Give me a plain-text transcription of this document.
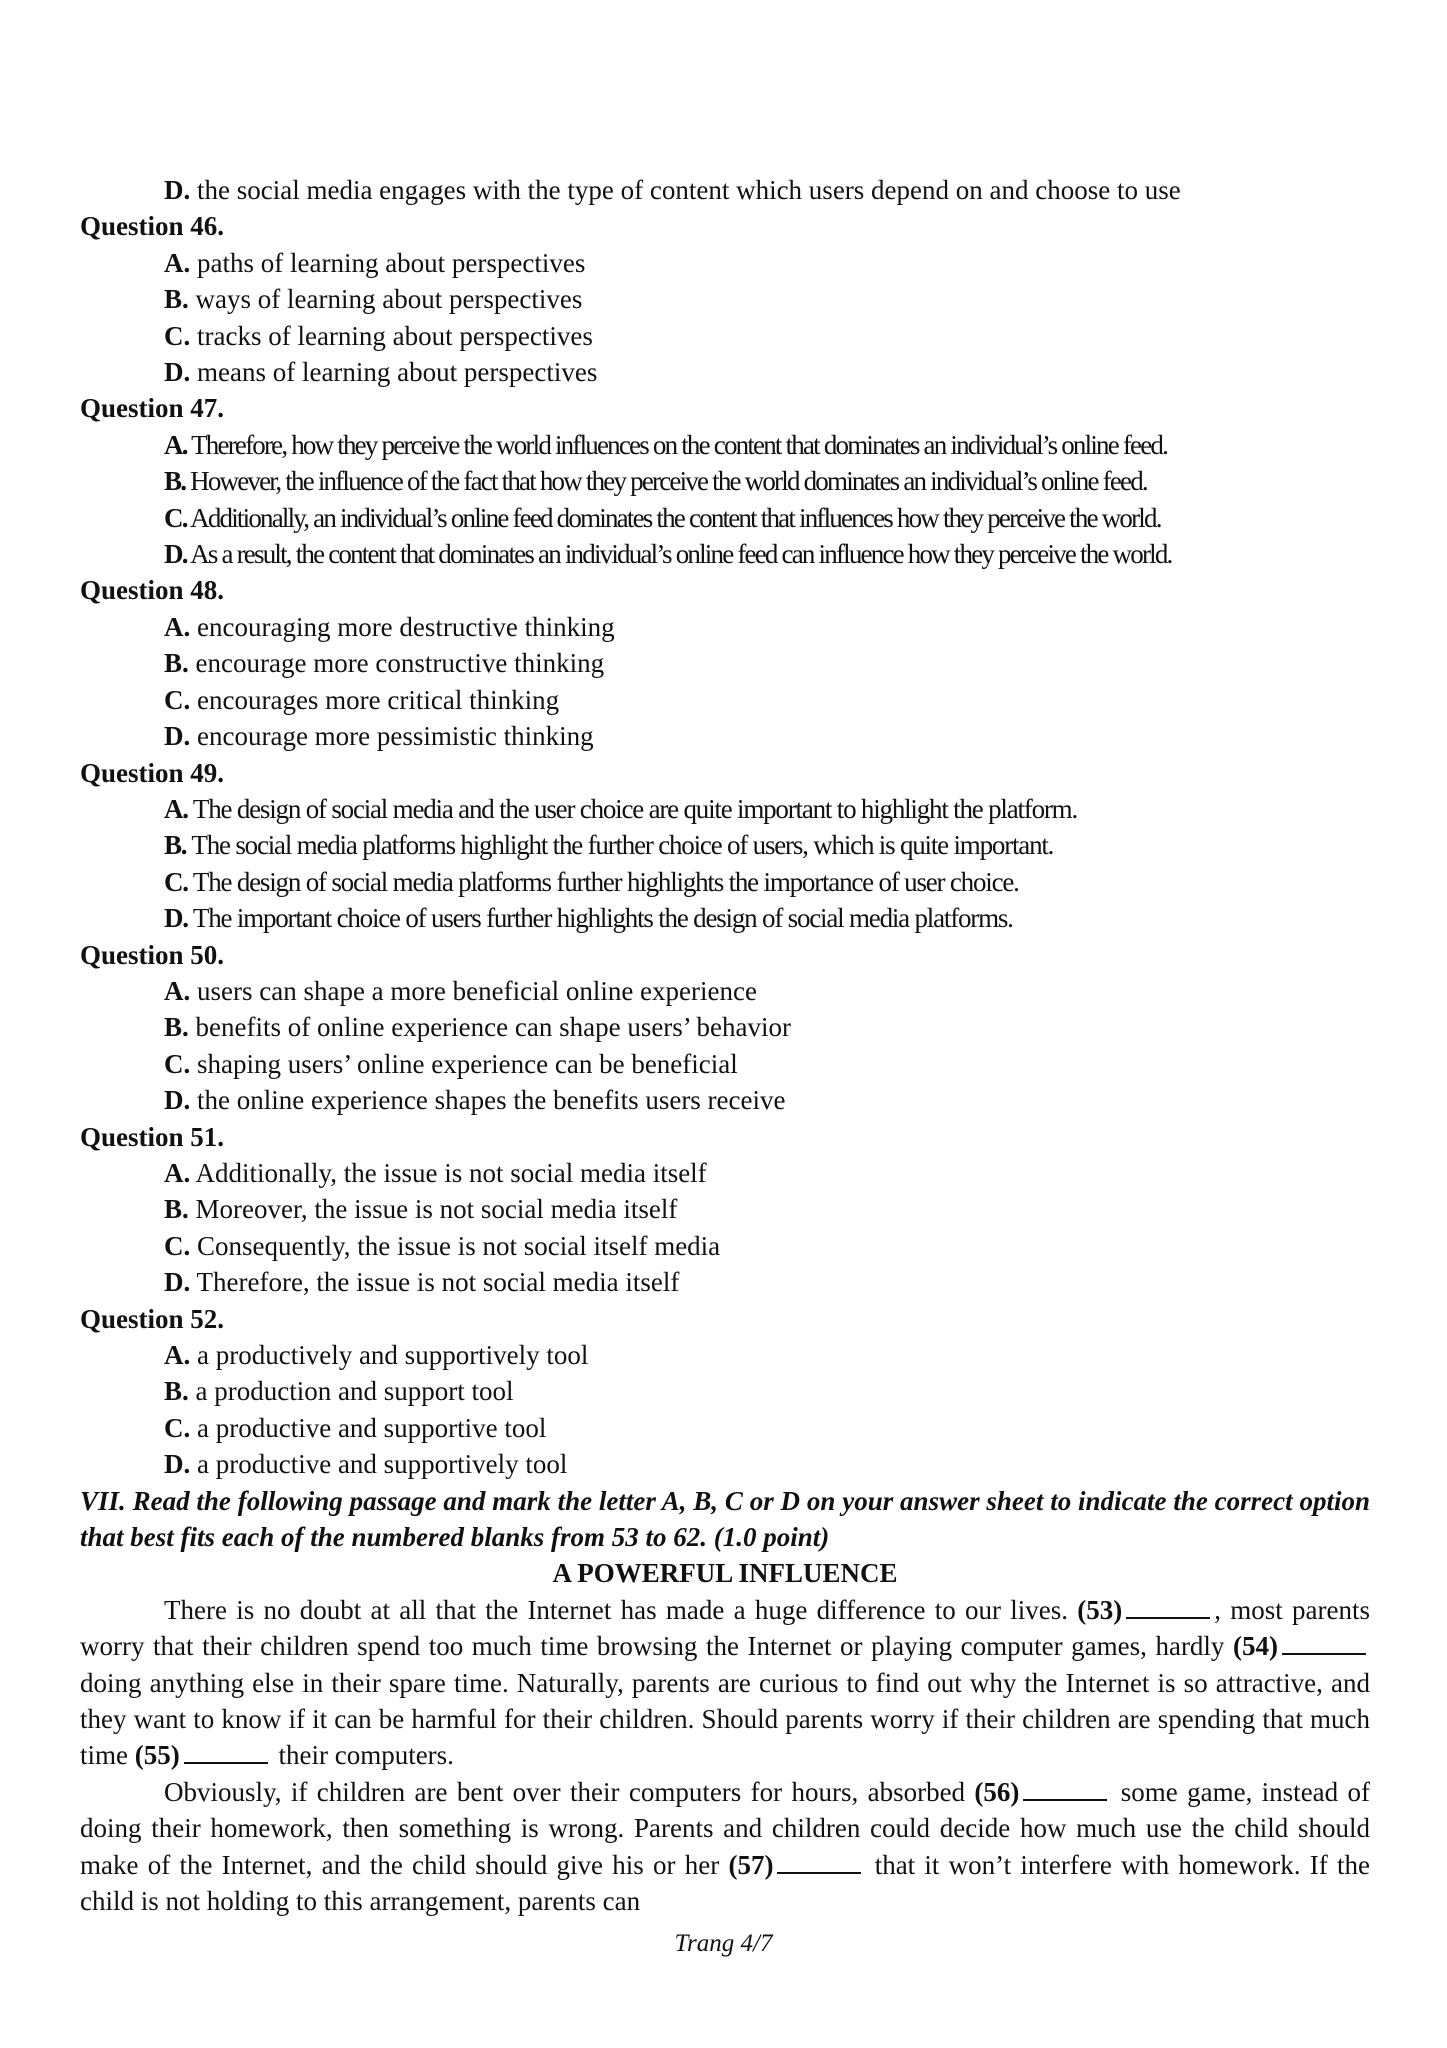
D. the social media engages with the type of content which users depend on and choose to use
Question 46.
A. paths of learning about perspectives
B. ways of learning about perspectives
C. tracks of learning about perspectives
D. means of learning about perspectives
Question 47.
A. Therefore, how they perceive the world influences on the content that dominates an individual’s online feed.
B. However, the influence of the fact that how they perceive the world dominates an individual’s online feed.
C. Additionally, an individual’s online feed dominates the content that influences how they perceive the world.
D. As a result, the content that dominates an individual’s online feed can influence how they perceive the world.
Question 48.
A. encouraging more destructive thinking
B. encourage more constructive thinking
C. encourages more critical thinking
D. encourage more pessimistic thinking
Question 49.
A. The design of social media and the user choice are quite important to highlight the platform.
B. The social media platforms highlight the further choice of users, which is quite important.
C. The design of social media platforms further highlights the importance of user choice.
D. The important choice of users further highlights the design of social media platforms.
Question 50.
A. users can shape a more beneficial online experience
B. benefits of online experience can shape users’ behavior
C. shaping users’ online experience can be beneficial
D. the online experience shapes the benefits users receive
Question 51.
A. Additionally, the issue is not social media itself
B. Moreover, the issue is not social media itself
C. Consequently, the issue is not social itself media
D. Therefore, the issue is not social media itself
Question 52.
A. a productively and supportively tool
B. a production and support tool
C. a productive and supportive tool
D. a productive and supportively tool
VII. Read the following passage and mark the letter A, B, C or D on your answer sheet to indicate the correct option that best fits each of the numbered blanks from 53 to 62. (1.0 point)
A POWERFUL INFLUENCE
There is no doubt at all that the Internet has made a huge difference to our lives. (53)	, most parents worry that their children spend too much time browsing the Internet or playing computer games, hardly (54) doing anything else in their spare time. Naturally, parents are curious to find out why the Internet is so attractive, and they want to know if it can be harmful for their children. Should parents worry if their children are spending that much time (55)	their computers.
Obviously, if children are bent over their computers for hours, absorbed (56)	some game, instead of doing their homework, then something is wrong. Parents and children could decide how much use the child should make of the Internet, and the child should give his or her (57)	that it won’t interfere with homework. If the child is not holding to this arrangement, parents can
Trang 4/7
